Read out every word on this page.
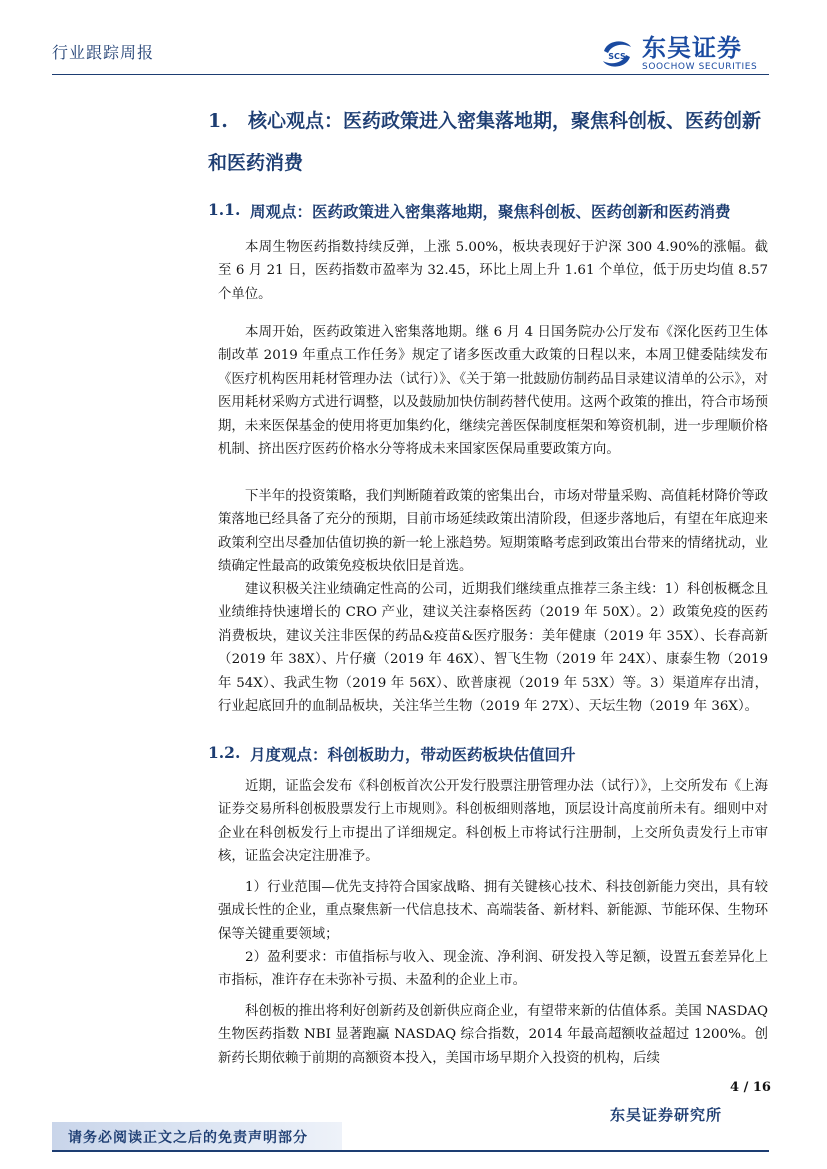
行业跟踪周报	SCS 东吴证券
SOOCHOW SECURITIES
1. 核心观点：医药政策进入密集落地期，聚焦科创板、医药创新
和医药消费
1.1. 周观点：医药政策进入密集落地期，聚焦科创板、医药创新和医药消费
本周生物医药指数持续反弹，上涨 5.00%，板块表现好于沪深 300 4.90%的涨幅。截至 6 月 21 日，医药指数市盈率为 32.45，环比上周上升 1.61 个单位，低于历史均值 8.57 个单位。
本周开始，医药政策进入密集落地期。继 6 月 4 日国务院办公厅发布《深化医药卫生体制改革 2019 年重点工作任务》规定了诸多医改重大政策的日程以来，本周卫健委陆续发布《医疗机构医用耗材管理办法（试行）》、《关于第一批鼓励仿制药品目录建议清单的公示》，对医用耗材采购方式进行调整，以及鼓励加快仿制药替代使用。这两个政策的推出，符合市场预期，未来医保基金的使用将更加集约化，继续完善医保制度框架和筹资机制，进一步理顺价格机制、挤出医疗医药价格水分等将成未来国家医保局重要政策方向。
下半年的投资策略，我们判断随着政策的密集出台，市场对带量采购、高值耗材降价等政策落地已经具备了充分的预期，目前市场延续政策出清阶段，但逐步落地后，有望在年底迎来政策利空出尽叠加估值切换的新一轮上涨趋势。短期策略考虑到政策出台带来的情绪扰动，业绩确定性最高的政策免疫板块依旧是首选。
建议积极关注业绩确定性高的公司，近期我们继续重点推荐三条主线：1）科创板概念且业绩维持快速增长的 CRO 产业，建议关注泰格医药（2019 年 50X）。2）政策免疫的医药消费板块，建议关注非医保的药品&疫苗&医疗服务：美年健康（2019 年 35X）、长春高新（2019 年 38X）、片仔癀（2019 年 46X）、智飞生物（2019 年 24X）、康泰生物（2019 年 54X）、我武生物（2019 年 56X）、欧普康视（2019 年 53X）等。3）渠道库存出清，行业起底回升的血制品板块，关注华兰生物（2019 年 27X）、天坛生物（2019 年 36X）。
1.2. 月度观点：科创板助力，带动医药板块估值回升
近期，证监会发布《科创板首次公开发行股票注册管理办法（试行）》，上交所发布《上海证券交易所科创板股票发行上市规则》。科创板细则落地，顶层设计高度前所未有。细则中对企业在科创板发行上市提出了详细规定。科创板上市将试行注册制，上交所负责发行上市审核，证监会决定注册准予。
1）行业范围—优先支持符合国家战略、拥有关键核心技术、科技创新能力突出，具有较强成长性的企业，重点聚焦新一代信息技术、高端装备、新材料、新能源、节能环保、生物环保等关键重要领域；
2）盈利要求：市值指标与收入、现金流、净利润、研发投入等足额，设置五套差异化上市指标，准许存在未弥补亏损、未盈利的企业上市。
科创板的推出将利好创新药及创新供应商企业，有望带来新的估值体系。美国 NASDAQ 生物医药指数 NBI 显著跑赢 NASDAQ 综合指数，2014 年最高超额收益超过 1200%。创新药长期依赖于前期的高额资本投入，美国市场早期介入投资的机构，后续
4 / 16
东吴证券研究所
请务必阅读正文之后的免责声明部分
